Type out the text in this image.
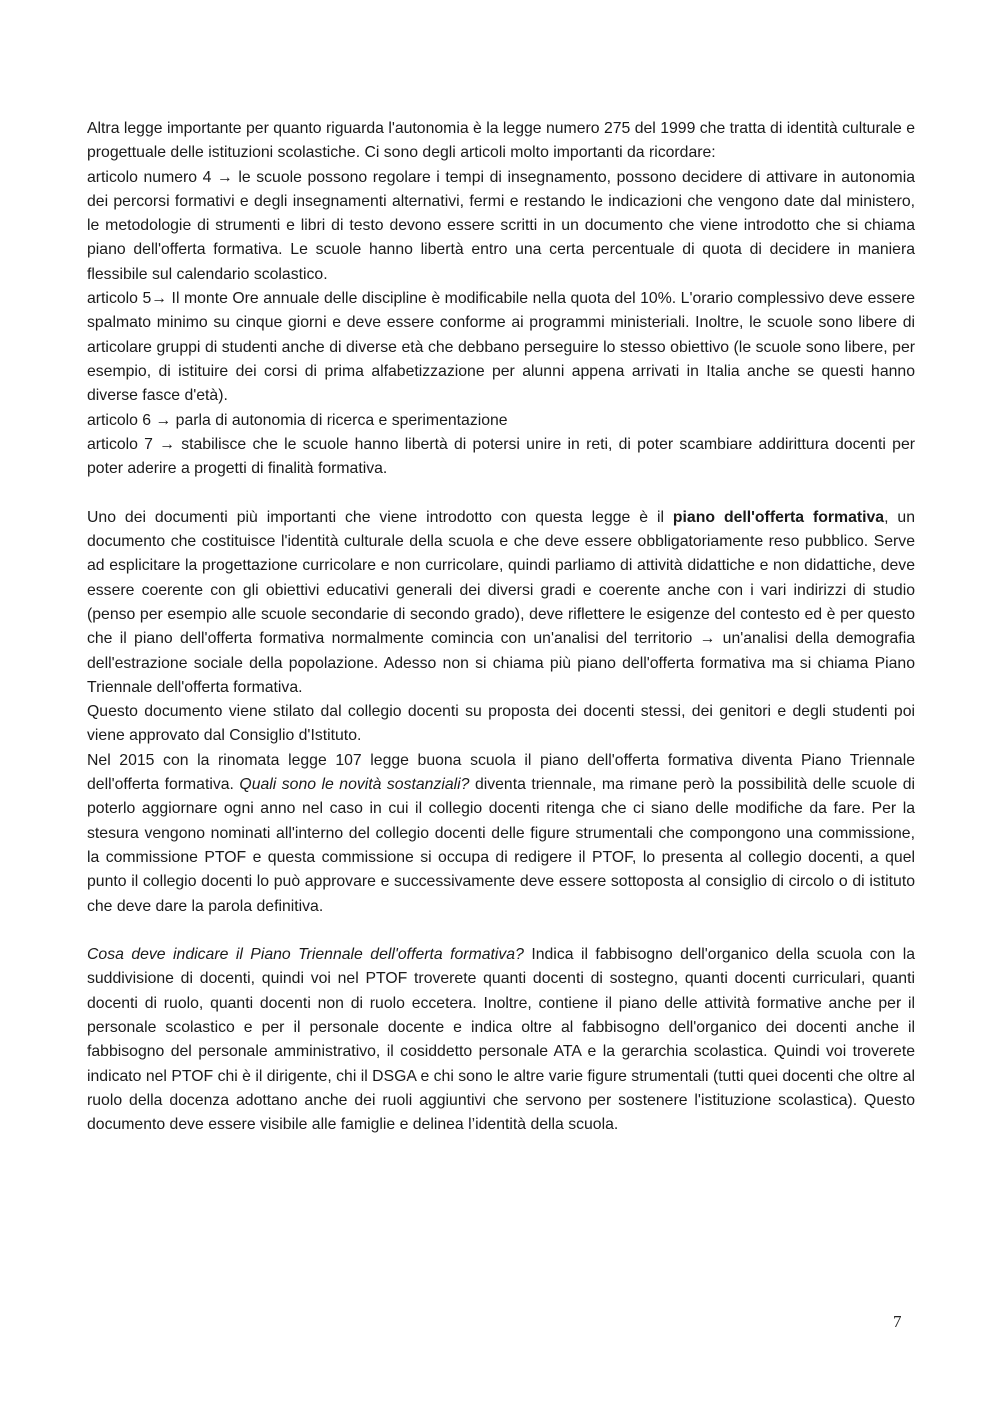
Altra legge importante per quanto riguarda l'autonomia è la legge numero 275 del 1999 che tratta di identità culturale e progettuale delle istituzioni scolastiche. Ci sono degli articoli molto importanti da ricordare:

articolo numero 4 → le scuole possono regolare i tempi di insegnamento, possono decidere di attivare in autonomia dei percorsi formativi e degli insegnamenti alternativi, fermi e restando le indicazioni che vengono date dal ministero, le metodologie di strumenti e libri di testo devono essere scritti in un documento che viene introdotto che si chiama piano dell'offerta formativa. Le scuole hanno libertà entro una certa percentuale di quota di decidere in maniera flessibile sul calendario scolastico.

articolo 5→ Il monte Ore annuale delle discipline è modificabile nella quota del 10%. L'orario complessivo deve essere spalmato minimo su cinque giorni e deve essere conforme ai programmi ministeriali. Inoltre, le scuole sono libere di articolare gruppi di studenti anche di diverse età che debbano perseguire lo stesso obiettivo (le scuole sono libere, per esempio, di istituire dei corsi di prima alfabetizzazione per alunni appena arrivati in Italia anche se questi hanno diverse fasce d'età).

articolo 6 → parla di autonomia di ricerca e sperimentazione

articolo 7 → stabilisce che le scuole hanno libertà di potersi unire in reti, di poter scambiare addirittura docenti per poter aderire a progetti di finalità formativa.

Uno dei documenti più importanti che viene introdotto con questa legge è il piano dell'offerta formativa, un documento che costituisce l'identità culturale della scuola e che deve essere obbligatoriamente reso pubblico. Serve ad esplicitare la progettazione curricolare e non curricolare, quindi parliamo di attività didattiche e non didattiche, deve essere coerente con gli obiettivi educativi generali dei diversi gradi e coerente anche con i vari indirizzi di studio (penso per esempio alle scuole secondarie di secondo grado), deve riflettere le esigenze del contesto ed è per questo che il piano dell'offerta formativa normalmente comincia con un'analisi del territorio → un'analisi della demografia dell'estrazione sociale della popolazione. Adesso non si chiama più piano dell'offerta formativa ma si chiama Piano Triennale dell'offerta formativa.

Questo documento viene stilato dal collegio docenti su proposta dei docenti stessi, dei genitori e degli studenti poi viene approvato dal Consiglio d'Istituto.

Nel 2015 con la rinomata legge 107 legge buona scuola il piano dell'offerta formativa diventa Piano Triennale dell'offerta formativa. Quali sono le novità sostanziali? diventa triennale, ma rimane però la possibilità delle scuole di poterlo aggiornare ogni anno nel caso in cui il collegio docenti ritenga che ci siano delle modifiche da fare. Per la stesura vengono nominati all'interno del collegio docenti delle figure strumentali che compongono una commissione, la commissione PTOF e questa commissione si occupa di redigere il PTOF, lo presenta al collegio docenti, a quel punto il collegio docenti lo può approvare e successivamente deve essere sottoposta al consiglio di circolo o di istituto che deve dare la parola definitiva.

Cosa deve indicare il Piano Triennale dell'offerta formativa? Indica il fabbisogno dell'organico della scuola con la suddivisione di docenti, quindi voi nel PTOF troverete quanti docenti di sostegno, quanti docenti curriculari, quanti docenti di ruolo, quanti docenti non di ruolo eccetera. Inoltre, contiene il piano delle attività formative anche per il personale scolastico e per il personale docente e indica oltre al fabbisogno dell'organico dei docenti anche il fabbisogno del personale amministrativo, il cosiddetto personale ATA e la gerarchia scolastica. Quindi voi troverete indicato nel PTOF chi è il dirigente, chi il DSGA e chi sono le altre varie figure strumentali (tutti quei docenti che oltre al ruolo della docenza adottano anche dei ruoli aggiuntivi che servono per sostenere l'istituzione scolastica). Questo documento deve essere visibile alle famiglie e delinea l’identità della scuola.

7
